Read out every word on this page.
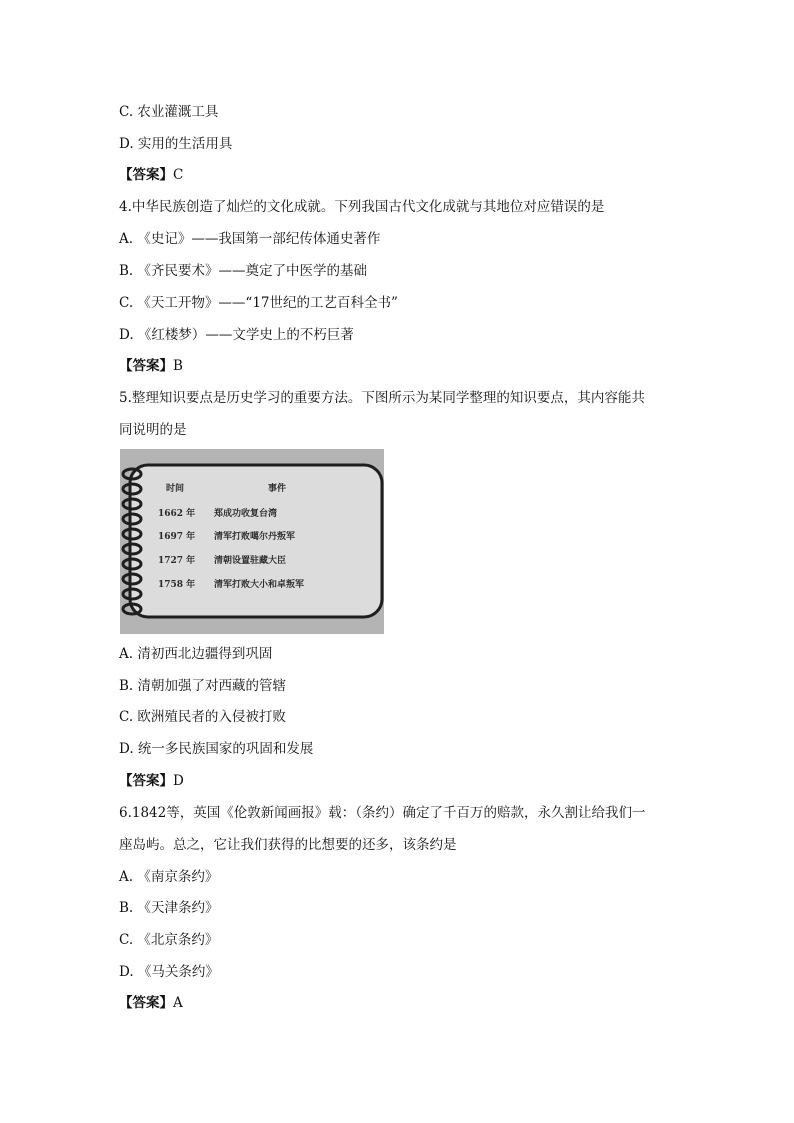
C. 农业灌溉工具
D. 实用的生活用具
【答案】C
4.中华民族创造了灿烂的文化成就。下列我国古代文化成就与其地位对应错误的是
A. 《史记》——我国第一部纪传体通史著作
B. 《齐民要术》——奠定了中医学的基础
C. 《天工开物》——“17世纪的工艺百科全书”
D. 《红楼梦）——文学史上的不朽巨著
【答案】B
5.整理知识要点是历史学习的重要方法。下图所示为某同学整理的知识要点，其内容能共
同说明的是
时间	事件
1662 年 郑成功收复台湾
1697 年 清军打败噶尔丹叛军
1727 年 清朝设置驻藏大臣
1758 年 清军打败大小和卓叛军
A. 清初西北边疆得到巩固
B. 清朝加强了对西藏的管辖
C. 欧洲殖民者的入侵被打败
D. 统一多民族国家的巩固和发展
【答案】D
6.1842等，英国《伦敦新闻画报》载：（条约）确定了千百万的赔款，永久割让给我们一
座岛屿。总之，它让我们获得的比想要的还多，该条约是
A. 《南京条约》
B. 《天津条约》
C. 《北京条约》
D. 《马关条约》
【答案】A
